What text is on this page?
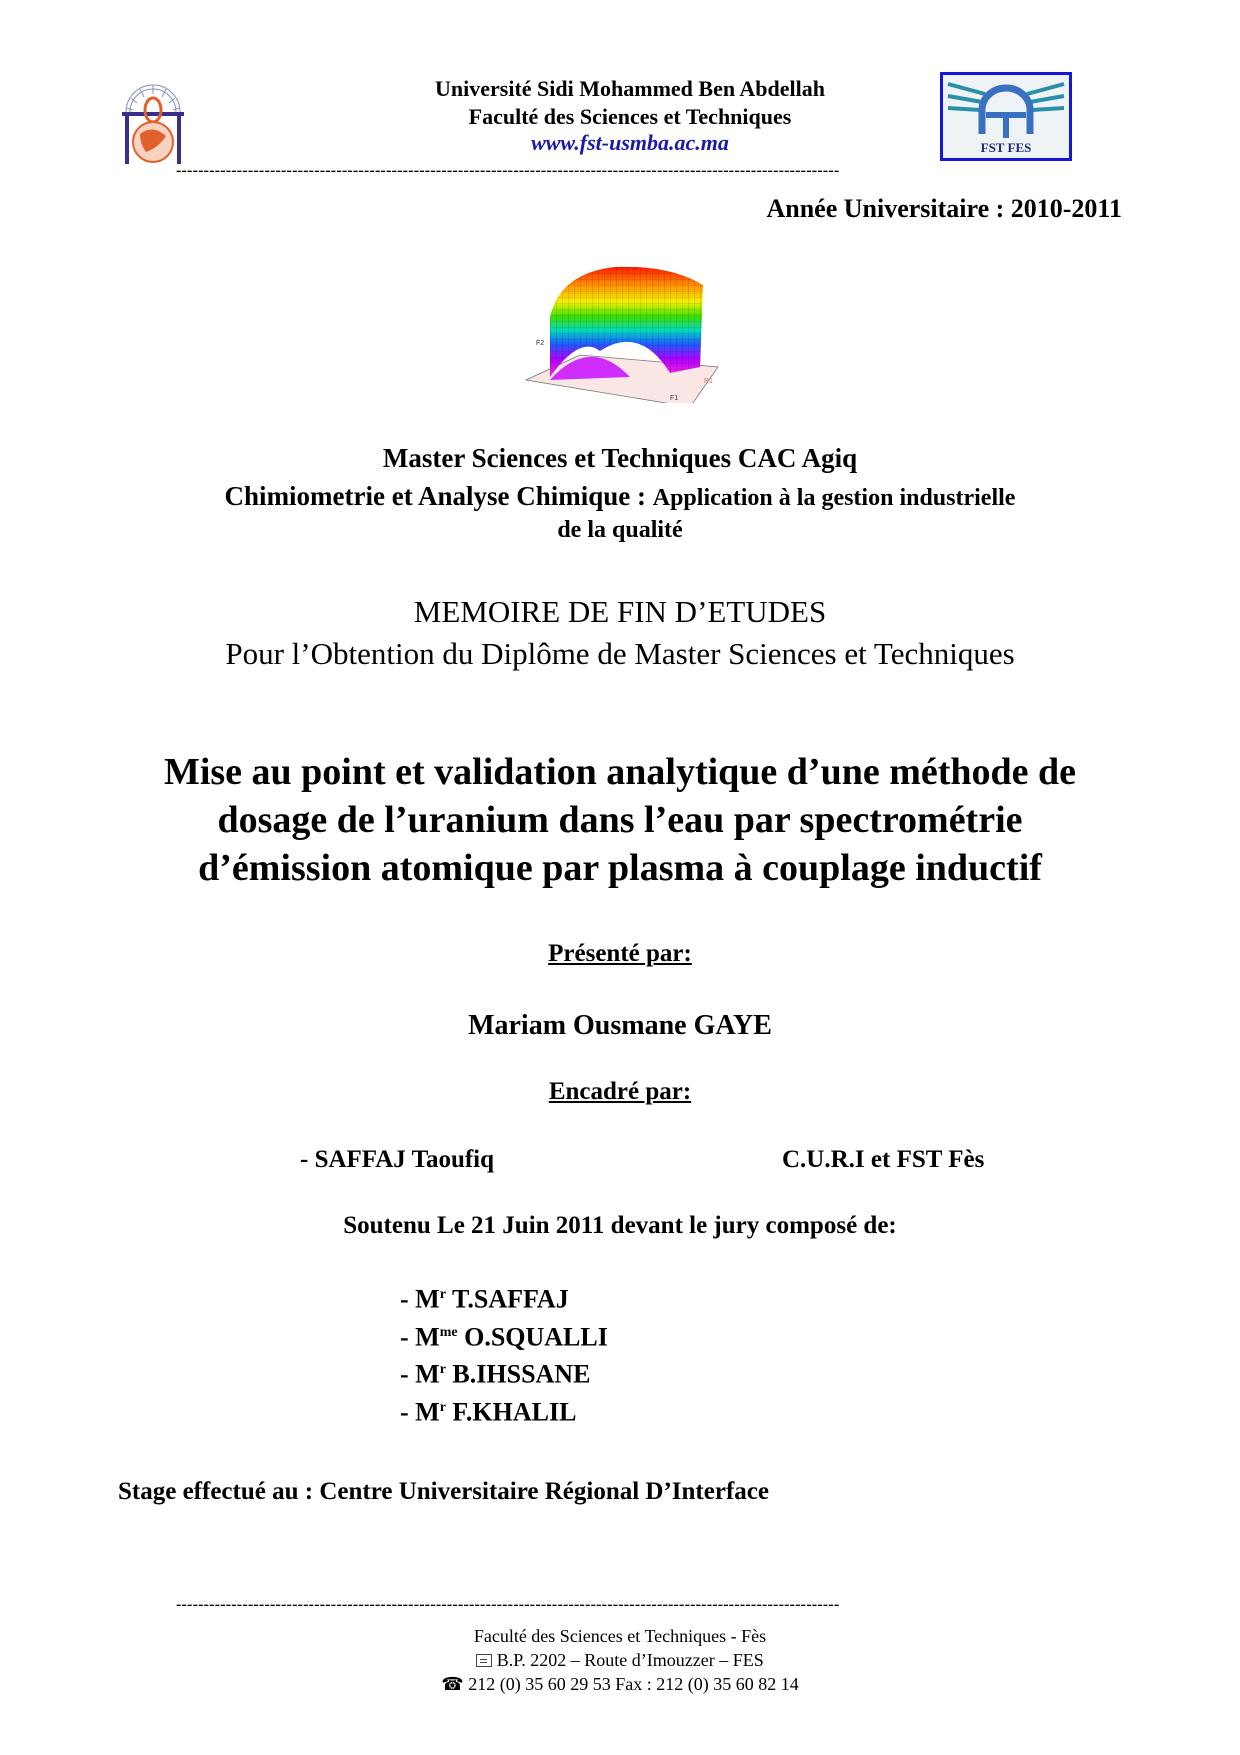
Université Sidi Mohammed Ben Abdellah
Faculté des Sciences et Techniques
www.fst-usmba.ac.ma	FST FES
------------------------------------------------------------------------------------------------------------------------
Année Universitaire : 2010-2011
F2
F1
R1
Master Sciences et Techniques CAC Agiq
Chimiometrie et Analyse Chimique : Application à la gestion industrielle
de la qualité
MEMOIRE DE FIN D’ETUDES
Pour l’Obtention du Diplôme de Master Sciences et Techniques
Mise au point et validation analytique d’une méthode de
dosage de l’uranium dans l’eau par spectrométrie
d’émission atomique par plasma à couplage inductif
Présenté par:
Mariam Ousmane GAYE
Encadré par:
- SAFFAJ Taoufiq	C.U.R.I et FST Fès
Soutenu Le 21 Juin 2011 devant le jury composé de:
- $M^r$ T.SAFFAJ
- $M^{me}$ O.SQUALLI
- $M^r$ B.IHSSANE
- $M^r$ F.KHALIL
Stage effectué au : Centre Universitaire Régional D’Interface
------------------------------------------------------------------------------------------------------------------------
Faculté des Sciences et Techniques - Fès
B.P. 2202 – Route d’Imouzzer – FES
☎ 212 (0) 35 60 29 53 Fax : 212 (0) 35 60 82 14
